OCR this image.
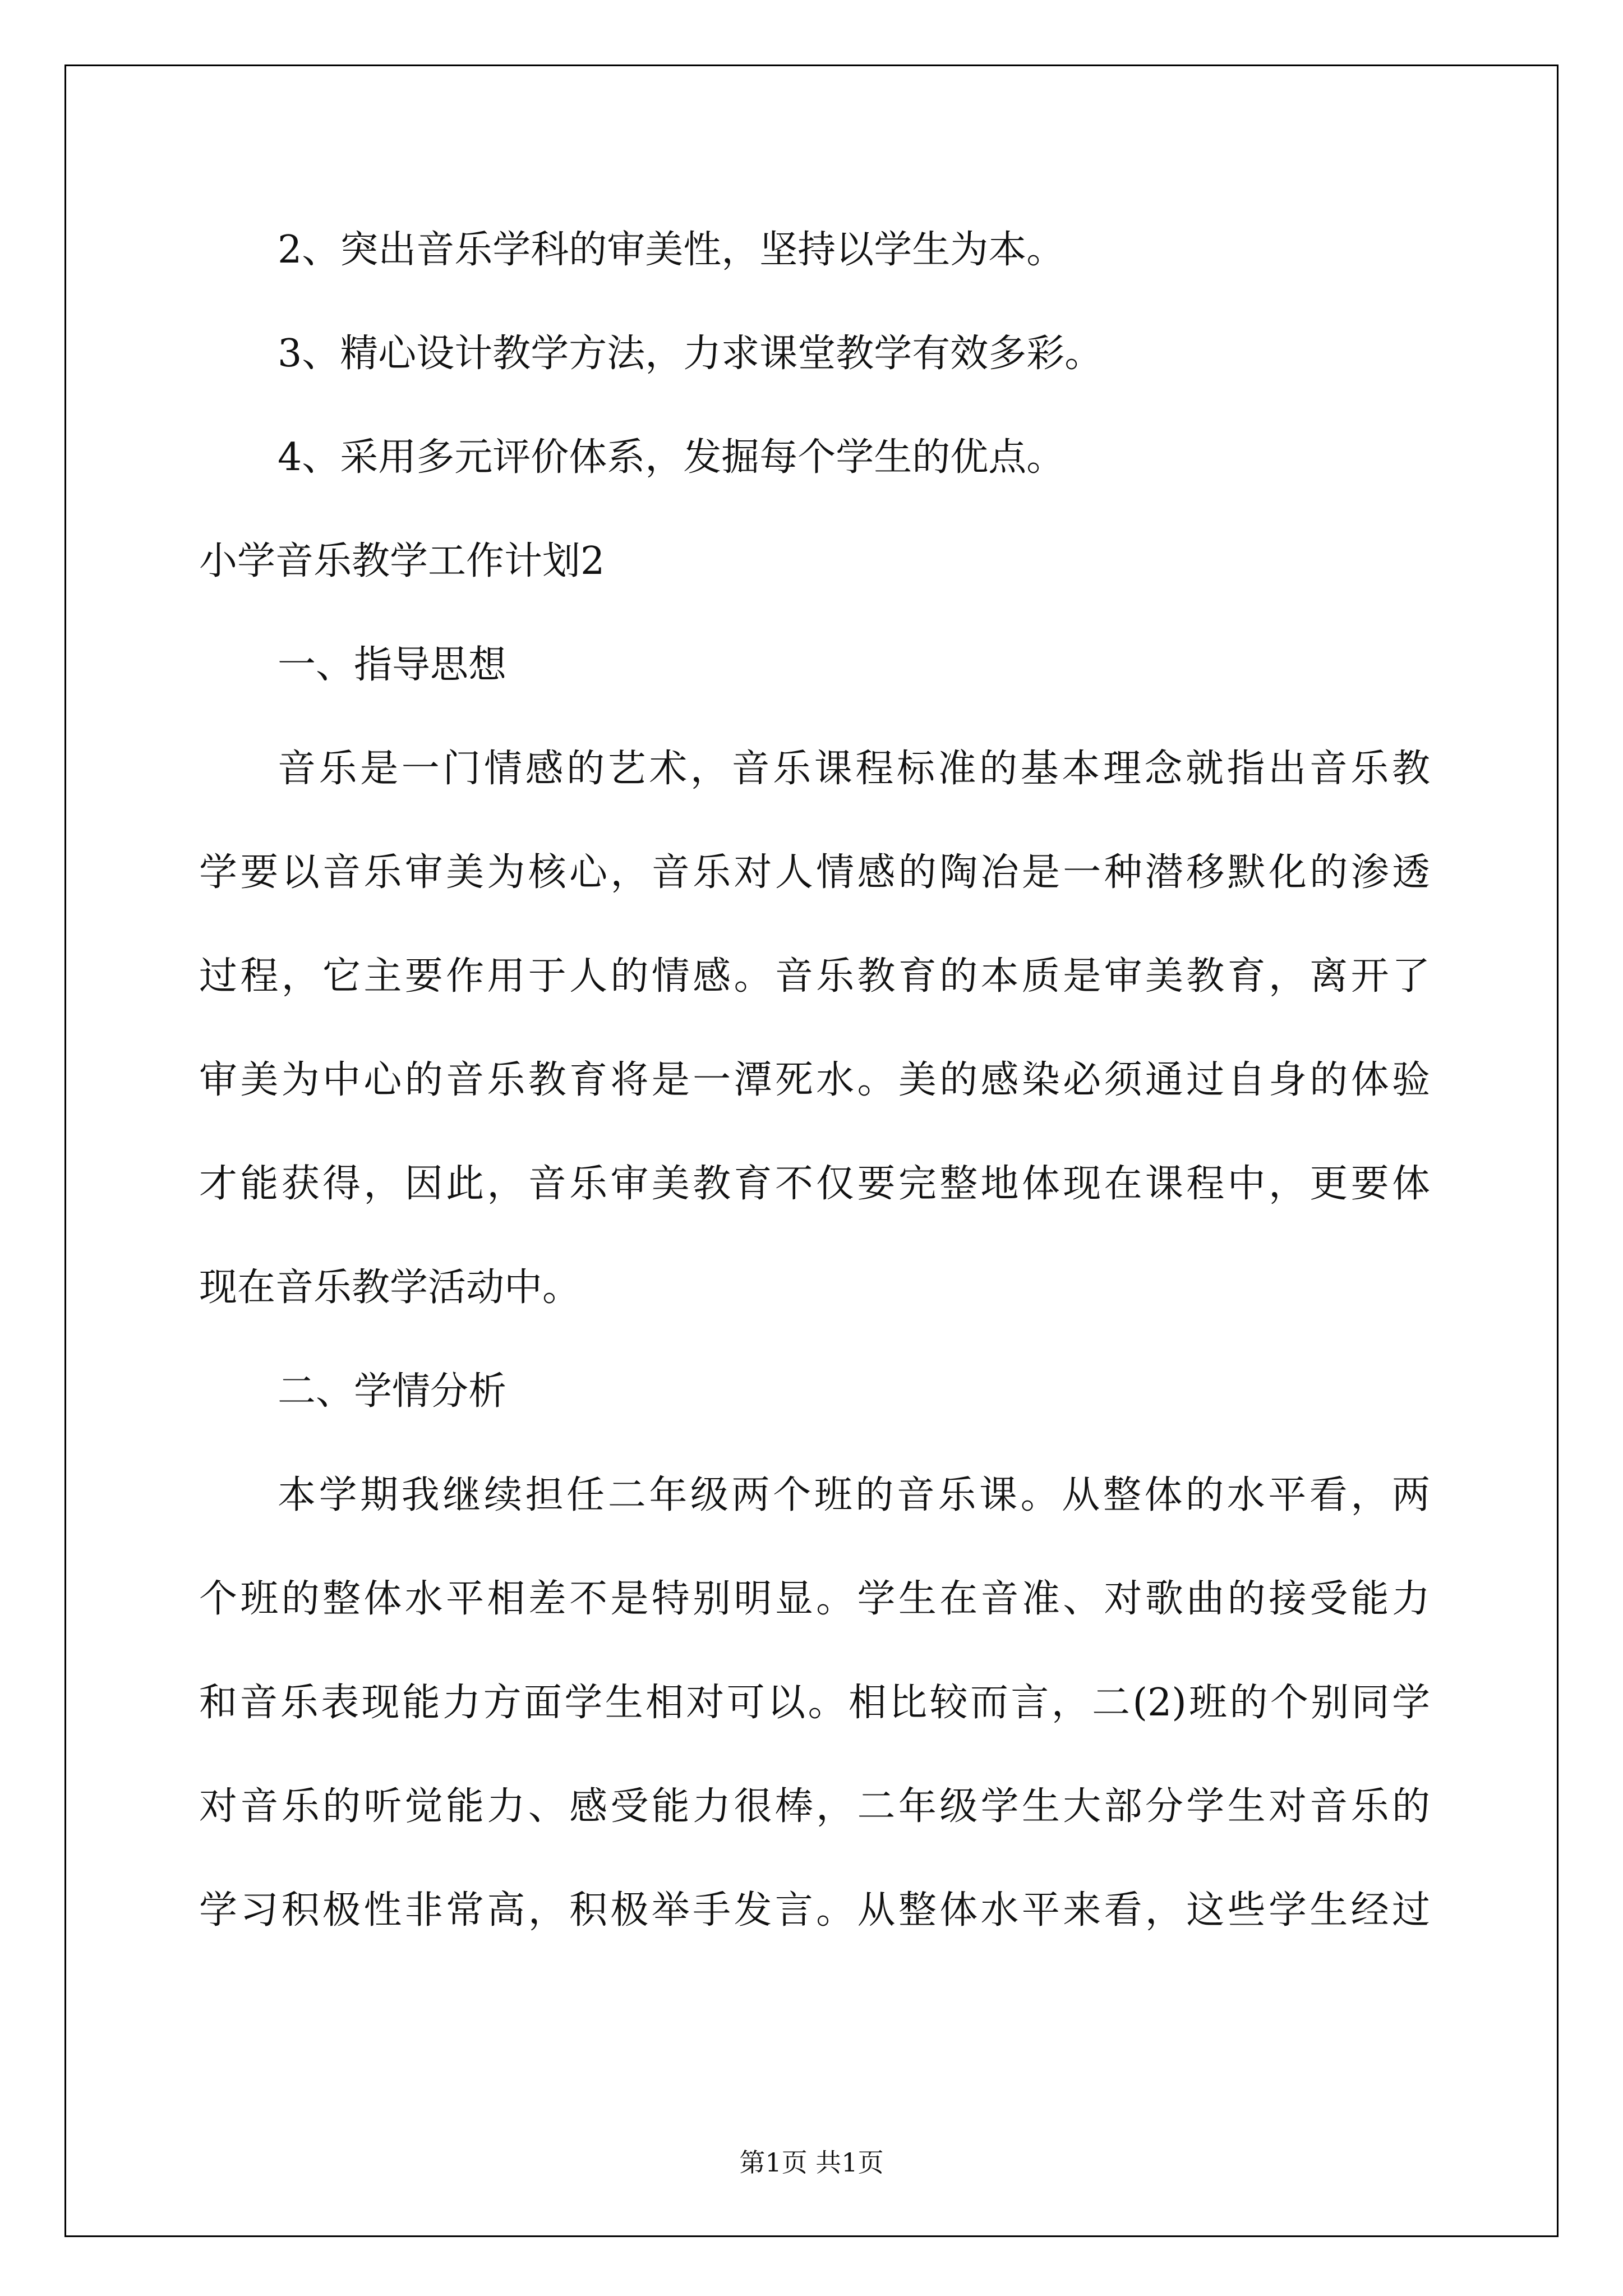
2、突出音乐学科的审美性，坚持以学生为本。
3、精心设计教学方法，力求课堂教学有效多彩。
4、采用多元评价体系，发掘每个学生的优点。
小学音乐教学工作计划2
一、指导思想
音乐是一门情感的艺术，音乐课程标准的基本理念就指出音乐教
学要以音乐审美为核心，音乐对人情感的陶冶是一种潜移默化的渗透
过程，它主要作用于人的情感。音乐教育的本质是审美教育，离开了
审美为中心的音乐教育将是一潭死水。美的感染必须通过自身的体验
才能获得，因此，音乐审美教育不仅要完整地体现在课程中，更要体
现在音乐教学活动中。
二、学情分析
本学期我继续担任二年级两个班的音乐课。从整体的水平看，两
个班的整体水平相差不是特别明显。学生在音准、对歌曲的接受能力
和音乐表现能力方面学生相对可以。相比较而言，二(2)班的个别同学
对音乐的听觉能力、感受能力很棒，二年级学生大部分学生对音乐的
学习积极性非常高，积极举手发言。从整体水平来看，这些学生经过
第1页 共1页
